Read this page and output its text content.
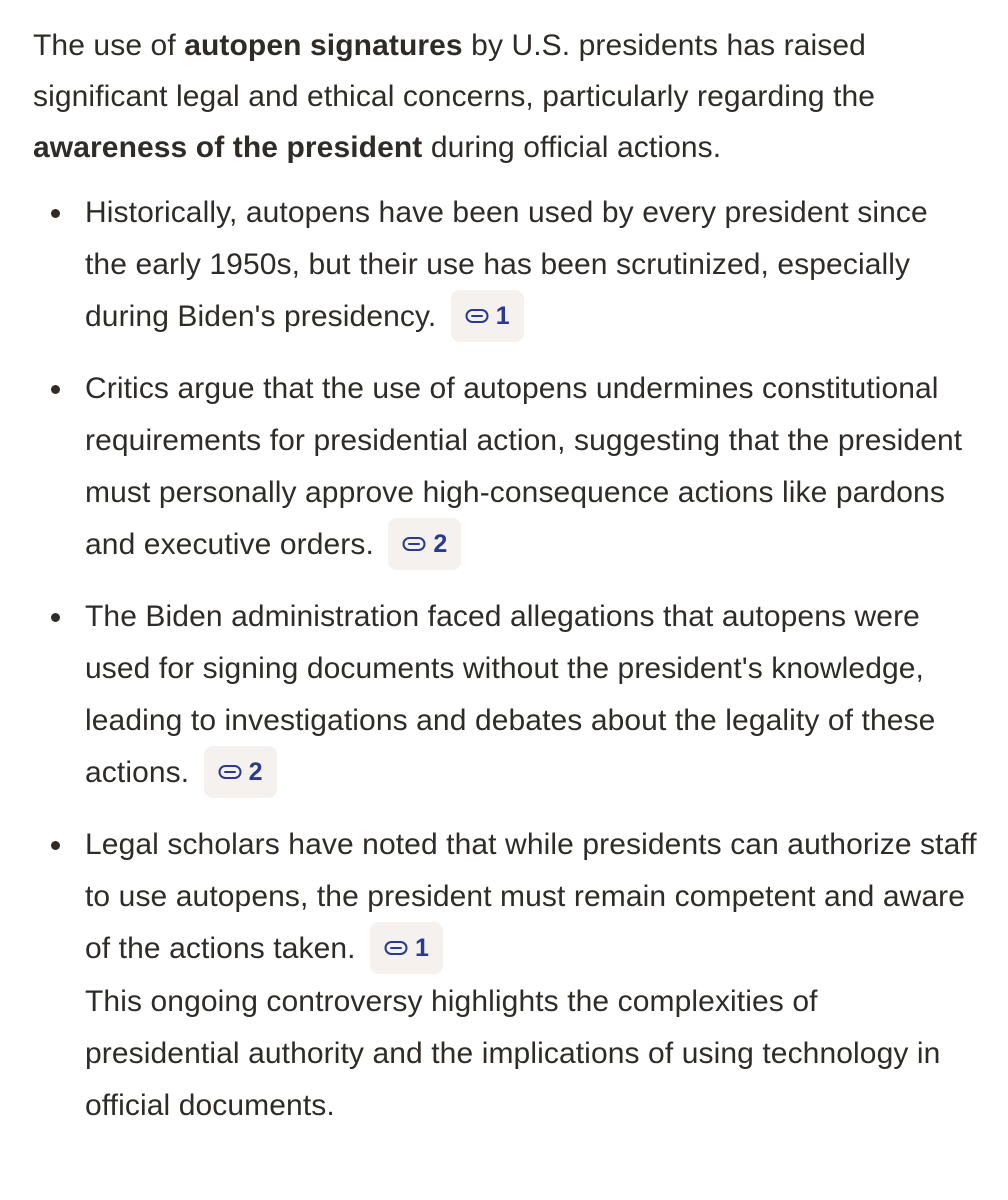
The use of autopen signatures by U.S. presidents has raised significant legal and ethical concerns, particularly regarding the awareness of the president during official actions.

Historically, autopens have been used by every president since the early 1950s, but their use has been scrutinized, especially during Biden's presidency. 1
Critics argue that the use of autopens undermines constitutional requirements for presidential action, suggesting that the president must personally approve high-consequence actions like pardons and executive orders. 2
The Biden administration faced allegations that autopens were used for signing documents without the president's knowledge, leading to investigations and debates about the legality of these actions. 2
Legal scholars have noted that while presidents can authorize staff to use autopens, the president must remain competent and aware of the actions taken. 1
This ongoing controversy highlights the complexities of presidential authority and the implications of using technology in official documents.
